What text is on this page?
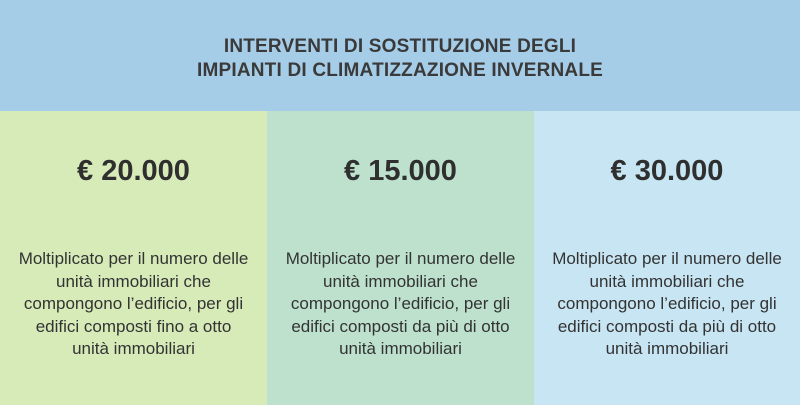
INTERVENTI DI SOSTITUZIONE DEGLI
IMPIANTI DI CLIMATIZZAZIONE INVERNALE
€ 20.000
Moltiplicato per il numero delle unità immobiliari che compongono l’edificio, per gli edifici composti fino a otto unità immobiliari
€ 15.000
Moltiplicato per il numero delle unità immobiliari che compongono l’edificio, per gli edifici composti da più di otto unità immobiliari
€ 30.000
Moltiplicato per il numero delle unità immobiliari che compongono l’edificio, per gli edifici composti da più di otto unità immobiliari
